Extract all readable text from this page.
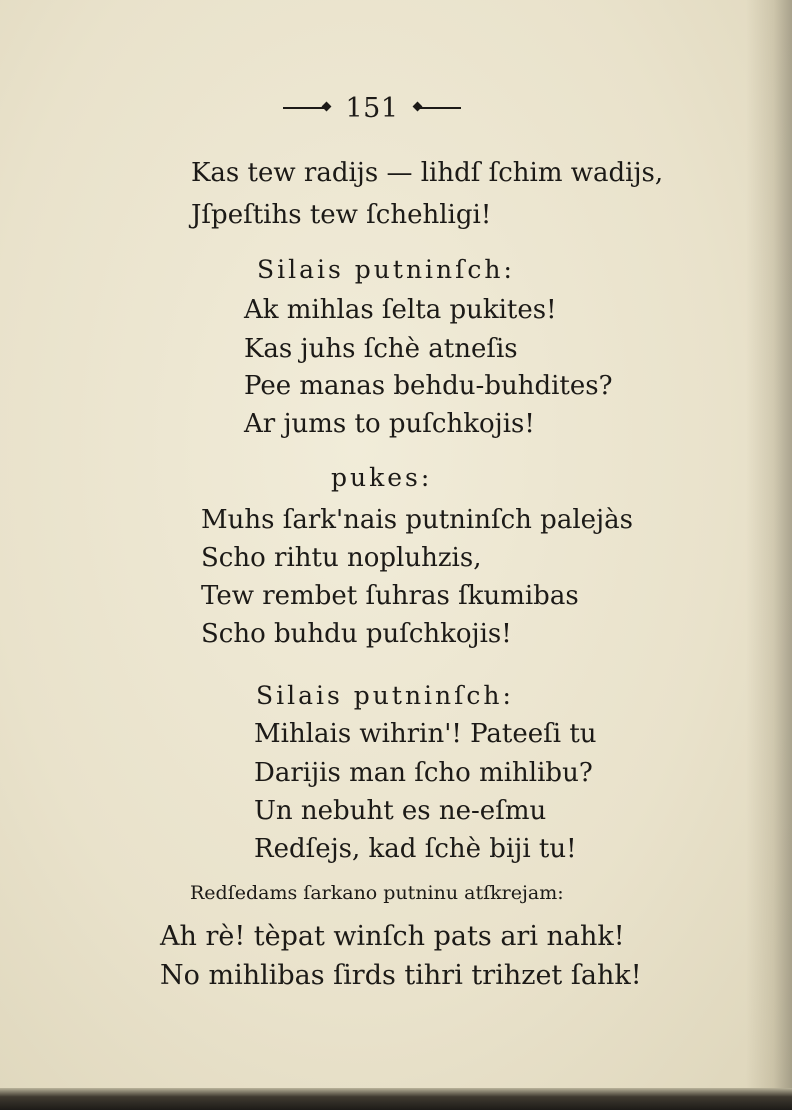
151
Kas tew radijs — lihdſ ſchim wadijs,
Jſpeſtihs tew ſchehligi!
Silais putninſch:
Ak mihlas ſelta pukites!
Kas juhs ſchè atneſis
Pee manas behdu-buhdites?
Ar jums to puſchkojis!
pukes:
Muhs ſark'nais putninſch palejàs
Scho rihtu nopluhzis,
Tew rembet ſuhras ſkumibas
Scho buhdu puſchkojis!
Silais putninſch:
Mihlais wihrin'! Pateeſi tu
Darijis man ſcho mihlibu?
Un nebuht es ne-eſmu
Redſejs, kad ſchè biji tu!
Redſedams ſarkano putninu atſkrejam:
Ah rè! tèpat winſch pats ari nahk!
No mihlibas ſirds tihri trihzet ſahk!
